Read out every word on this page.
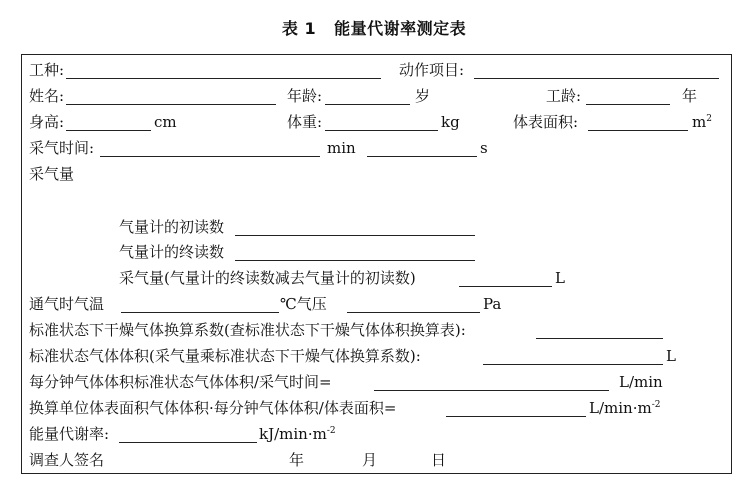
表 1 能量代谢率测定表
工种:	动作项目:
姓名:	年龄:	岁	工龄:	年
身高:	cm	体重:	kg	体表面积:	$m^2$
采气时间:	min	s
采气量
气量计的初读数
气量计的终读数
采气量(气量计的终读数减去气量计的初读数)	L
通气时气温	℃气压	Pa
标准状态下干燥气体换算系数(查标准状态下干燥气体体积换算表):
标准状态气体体积(采气量乘标准状态下干燥气体换算系数):	L
每分钟气体体积标准状态气体体积/采气时间=	L/min
换算单位体表面积气体体积·每分钟气体体积/体表面积=	$L/\min\cdot m^{-2}$
能量代谢率:	$kJ/\min\cdot m^{-2}$
调查人签名	年	月	日
